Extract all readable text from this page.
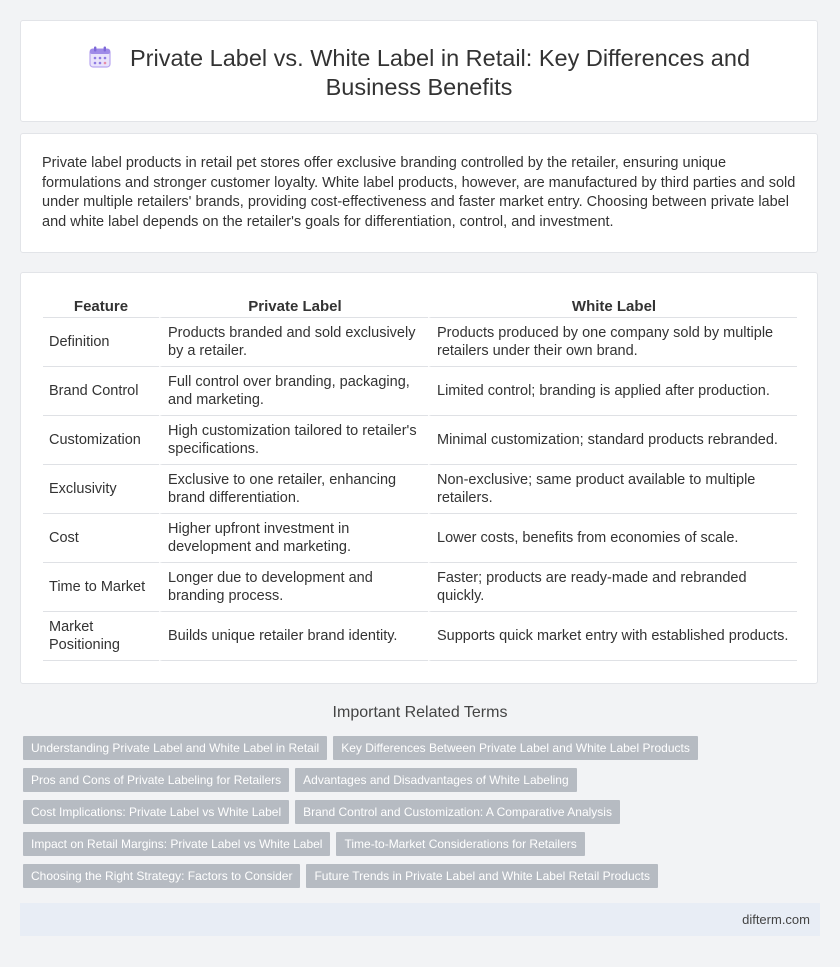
Private Label vs. White Label in Retail: Key Differences and Business Benefits

Private label products in retail pet stores offer exclusive branding controlled by the retailer, ensuring unique formulations and stronger customer loyalty. White label products, however, are manufactured by third parties and sold under multiple retailers' brands, providing cost-effectiveness and faster market entry. Choosing between private label and white label depends on the retailer's goals for differentiation, control, and investment.

Feature	Private Label	White Label
Definition	Products branded and sold exclusively by a retailer.	Products produced by one company sold by multiple retailers under their own brand.
Brand Control	Full control over branding, packaging, and marketing.	Limited control; branding is applied after production.
Customization	High customization tailored to retailer's specifications.	Minimal customization; standard products rebranded.
Exclusivity	Exclusive to one retailer, enhancing brand differentiation.	Non-exclusive; same product available to multiple retailers.
Cost	Higher upfront investment in development and marketing.	Lower costs, benefits from economies of scale.
Time to Market	Longer due to development and branding process.	Faster; products are ready-made and rebranded quickly.
Market Positioning	Builds unique retailer brand identity.	Supports quick market entry with established products.
Important Related Terms
Understanding Private Label and White Label in Retail Key Differences Between Private Label and White Label Products
Pros and Cons of Private Labeling for Retailers Advantages and Disadvantages of White Labeling
Cost Implications: Private Label vs White Label Brand Control and Customization: A Comparative Analysis
Impact on Retail Margins: Private Label vs White Label Time-to-Market Considerations for Retailers
Choosing the Right Strategy: Factors to Consider Future Trends in Private Label and White Label Retail Products
difterm.com
